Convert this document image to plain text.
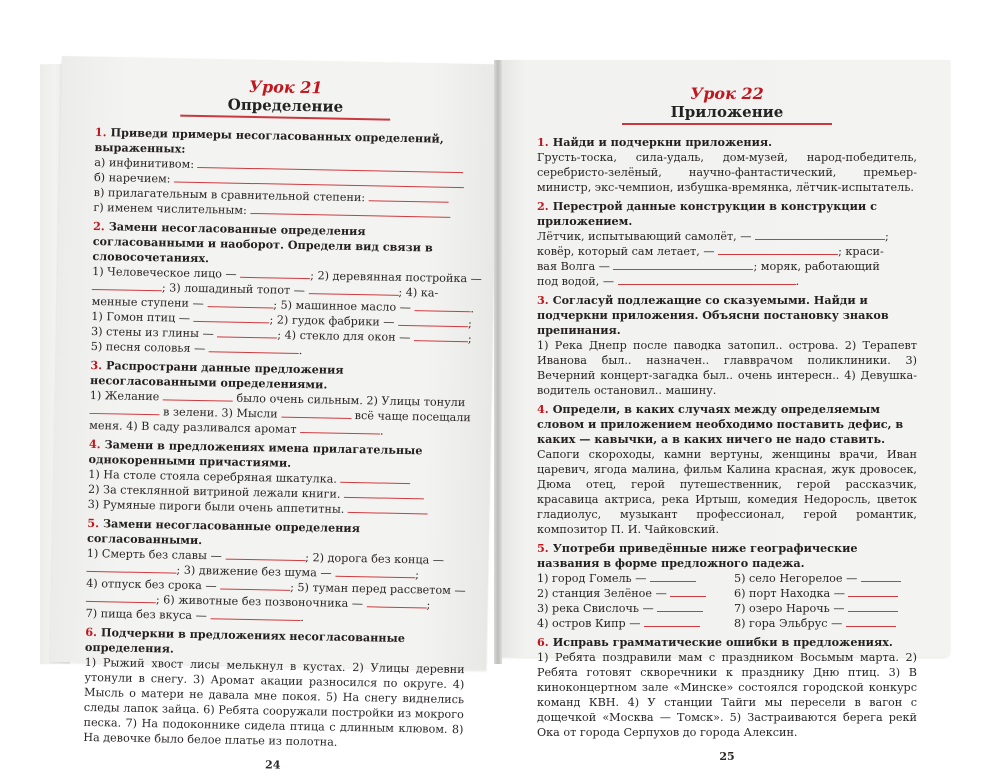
Урок 21
Определение
1. Приведи примеры несогласованных определений, выраженных:
а) инфинитивом:
б) наречием:
в) прилагательным в сравнительной степени:
г) именем числительным:
2. Замени несогласованные определения согласованными и наоборот. Определи вид связи в словосочетаниях.
1) Человеческое лицо —	; 2) деревянная постройка —
; 3) лошадиный топот —	; 4) ка-
менные ступени —	; 5) машинное масло —	.
1) Гомон птиц —	; 2) гудок фабрики —	;
3) стены из глины —	; 4) стекло для окон —	;
5) песня соловья —	.
3. Распространи данные предложения несогласованными определениями.
1) Желание	было очень сильным. 2) Улицы тонули
в зелени. 3) Мысли	всё чаще посещали
меня. 4) В саду разливался аромат	.
4. Замени в предложениях имена прилагательные однокоренными причастиями.
1) На столе стояла серебряная шкатулка.
2) За стеклянной витриной лежали книги.
3) Румяные пироги были очень аппетитны.
5. Замени несогласованные определения согласованными.
1) Смерть без славы —	; 2) дорога без конца —
; 3) движение без шума —	;
4) отпуск без срока —	; 5) туман перед рассветом —
; 6) животные без позвоночника —	;
7) пища без вкуса —	.
6. Подчеркни в предложениях несогласованные определения.
1) Рыжий хвост лисы мелькнул в кустах. 2) Улицы деревни утонули в снегу. 3) Аромат акации разносился по округе. 4) Мысль о матери не давала мне покоя. 5) На снегу виднелись следы лапок зайца. 6) Ребята сооружали постройки из мокрого песка. 7) На подоконнике сидела птица с длинным клювом. 8) На девочке было белое платье из полотна.
24
Урок 22
Приложение
1. Найди и подчеркни приложения.
Грусть-тоска, сила-удаль, дом-музей, народ-победитель, серебристо-зелёный, научно-фантастический, премьер-министр, экс-чемпион, избушка-времянка, лётчик-испытатель.
2. Перестрой данные конструкции в конструкции с приложением.
Лётчик, испытывающий самолёт, —	;
ковёр, который сам летает, —	; краси-
вая Волга —	; моряк, работающий
под водой, —	.
3. Согласуй подлежащие со сказуемыми. Найди и подчеркни приложения. Объясни постановку знаков препинания.
1) Река Днепр после паводка затопил.. острова. 2) Терапевт Иванова был.. назначен.. главврачом поликлиники. 3) Вечерний концерт-загадка был.. очень интересн.. 4) Девушка-водитель остановил.. машину.
4. Определи, в каких случаях между определяемым словом и приложением необходимо поставить дефис, в каких — кавычки, а в каких ничего не надо ставить.
Сапоги скороходы, камни вертуны, женщины врачи, Иван царевич, ягода малина, фильм Калина красная, жук дровосек, Дюма отец, герой путешественник, герой рассказчик, красавица актриса, река Иртыш, комедия Недоросль, цветок гладиолус, музыкант профессионал, герой романтик, композитор П. И. Чайковский.
5. Употреби приведённые ниже географические названия в форме предложного падежа.
1) город Гомель —	5) село Негорелое —
2) станция Зелёное —	6) порт Находка —
3) река Свислочь —	7) озеро Нарочь —
4) остров Кипр —	8) гора Эльбрус —
6. Исправь грамматические ошибки в предложениях.
1) Ребята поздравили мам с праздником Восьмым марта. 2) Ребята готовят скворечники к празднику Дню птиц. 3) В киноконцертном зале «Минске» состоялся городской конкурс команд КВН. 4) У станции Тайги мы пересели в вагон с дощечкой «Москва — Томск». 5) Застраиваются берега рекй Ока от города Серпухов до города Алексин.
25
